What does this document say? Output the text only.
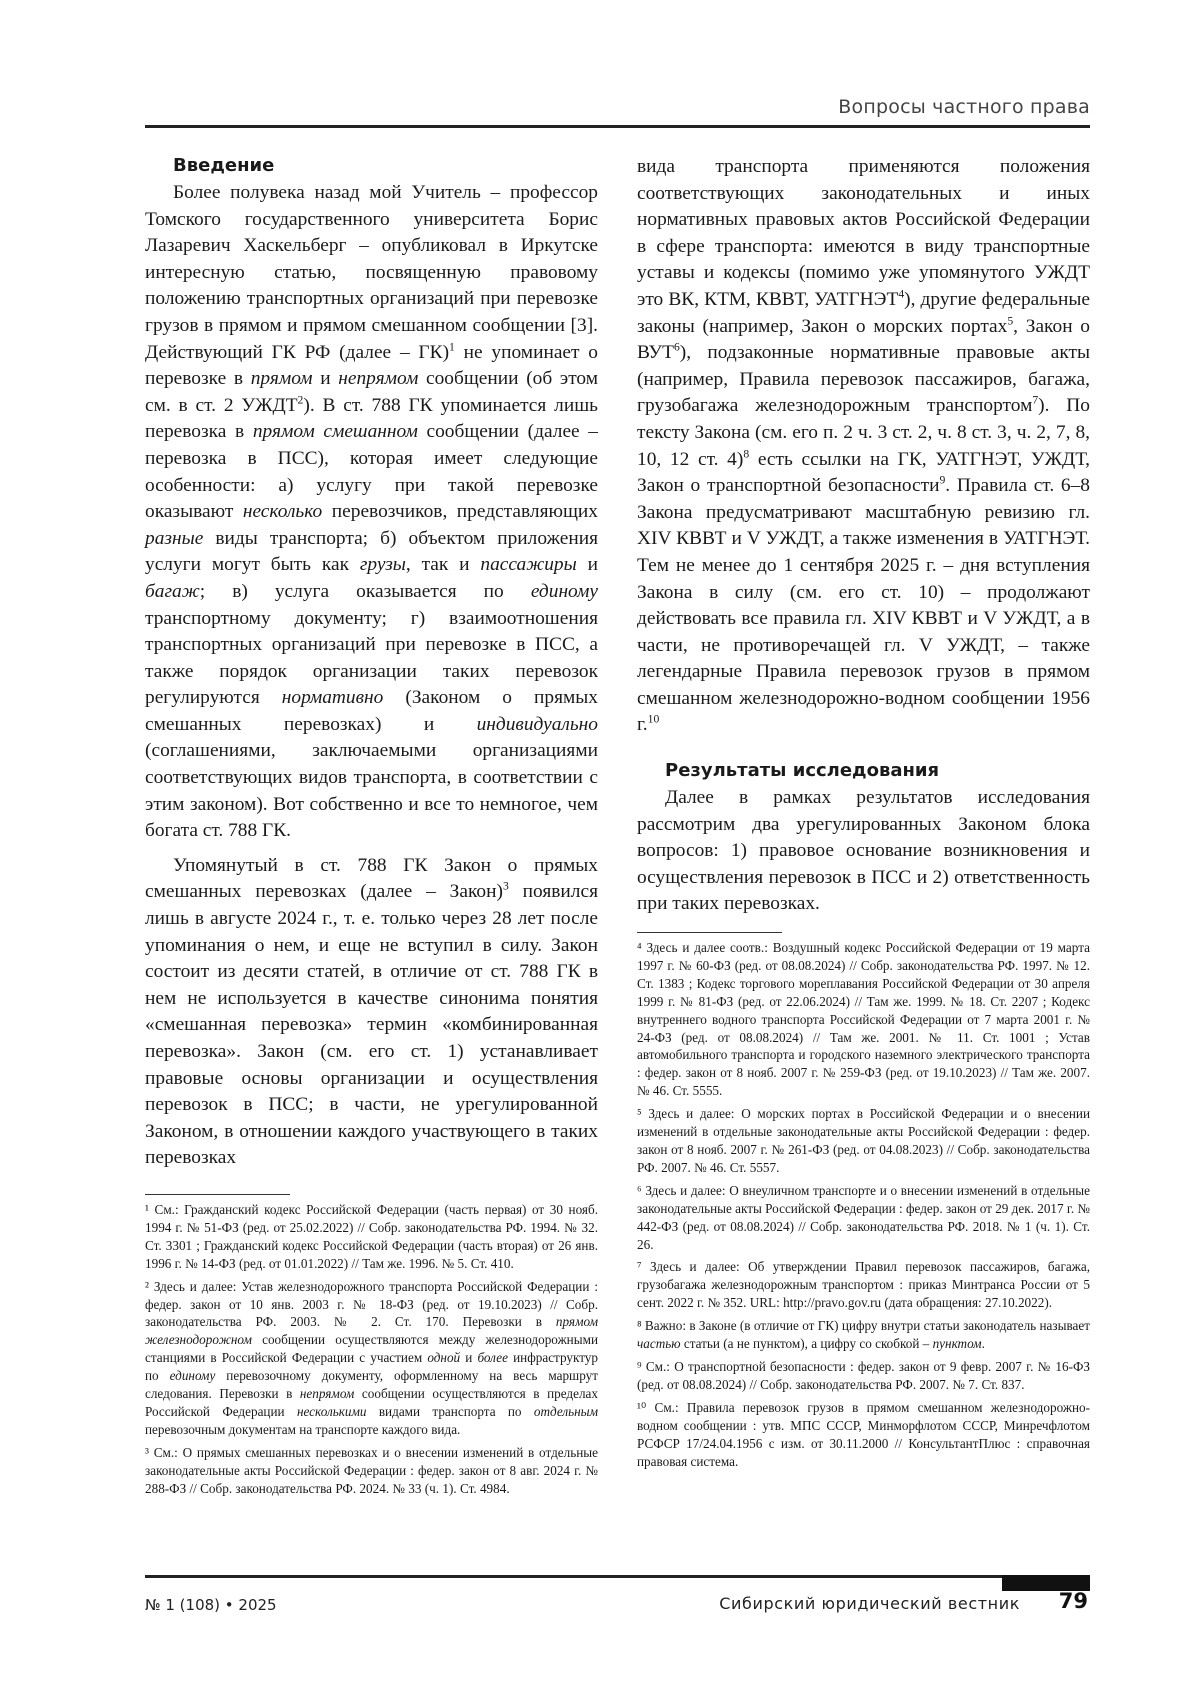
Вопросы частного права
Введение

Более полувека назад мой Учитель – профессор Томского государственного университета Борис Лазаревич Хаскельберг – опубликовал в Иркутске интересную статью, посвященную правовому положению транспортных организаций при перевозке грузов в прямом и прямом смешанном сообщении [3]. Действующий ГК РФ (далее – ГК)$^1$ не упоминает о перевозке в прямом и непрямом сообщении (об этом см. в ст. 2 УЖДТ$^2$). В ст. 788 ГК упоминается лишь перевозка в прямом смешанном сообщении (далее – перевозка в ПСС), которая имеет следующие особенности: а) услугу при такой перевозке оказывают несколько перевозчиков, представляющих разные виды транспорта; б) объектом приложения услуги могут быть как грузы, так и пассажиры и багаж; в) услуга оказывается по единому транспортному документу; г) взаимоотношения транспортных организаций при перевозке в ПСС, а также порядок организации таких перевозок регулируются нормативно (Законом о прямых смешанных перевозках) и индивидуально (соглашениями, заключаемыми организациями соответствующих видов транспорта, в соответствии с этим законом). Вот собственно и все то немногое, чем богата ст. 788 ГК.

Упомянутый в ст. 788 ГК Закон о прямых смешанных перевозках (далее – Закон)$^3$ появился лишь в августе 2024 г., т. е. только через 28 лет после упоминания о нем, и еще не вступил в силу. Закон состоит из десяти статей, в отличие от ст. 788 ГК в нем не используется в качестве синонима понятия «смешанная перевозка» термин «комбинированная перевозка». Закон (см. его ст. 1) устанавливает правовые основы организации и осуществления перевозок в ПСС; в части, не урегулированной Законом, в отношении каждого участвующего в таких перевозках

¹ См.: Гражданский кодекс Российской Федерации (часть первая) от 30 нояб. 1994 г. № 51-ФЗ (ред. от 25.02.2022) // Собр. законодательства РФ. 1994. № 32. Ст. 3301 ; Гражданский кодекс Российской Федерации (часть вторая) от 26 янв. 1996 г. № 14-ФЗ (ред. от 01.01.2022) // Там же. 1996. № 5. Ст. 410.

² Здесь и далее: Устав железнодорожного транспорта Российской Федерации : федер. закон от 10 янв. 2003 г. № 18-ФЗ (ред. от 19.10.2023) // Собр. законодательства РФ. 2003. № 2. Ст. 170. Перевозки в прямом железнодорожном сообщении осуществляются между железнодорожными станциями в Российской Федерации с участием одной и более инфраструктур по единому перевозочному документу, оформленному на весь маршрут следования. Перевозки в непрямом сообщении осуществляются в пределах Российской Федерации несколькими видами транспорта по отдельным перевозочным документам на транспорте каждого вида.

³ См.: О прямых смешанных перевозках и о внесении изменений в отдельные законодательные акты Российской Федерации : федер. закон от 8 авг. 2024 г. № 288-ФЗ // Собр. законодательства РФ. 2024. № 33 (ч. 1). Ст. 4984.

вида транспорта применяются положения соответствующих законодательных и иных нормативных правовых актов Российской Федерации в сфере транспорта: имеются в виду транспортные уставы и кодексы (помимо уже упомянутого УЖДТ это ВК, КТМ, КВВТ, УАТГНЭТ$^4$), другие федеральные законы (например, Закон о морских портах$^5$, Закон о ВУТ$^6$), подзаконные нормативные правовые акты (например, Правила перевозок пассажиров, багажа, грузобагажа железнодорожным транспортом$^7$). По тексту Закона (см. его п. 2 ч. 3 ст. 2, ч. 8 ст. 3, ч. 2, 7, 8, 10, 12 ст. 4)$^8$ есть ссылки на ГК, УАТГНЭТ, УЖДТ, Закон о транспортной безопасности$^9$. Правила ст. 6–8 Закона предусматривают масштабную ревизию гл. XIV КВВТ и V УЖДТ, а также изменения в УАТГНЭТ. Тем не менее до 1 сентября 2025 г. – дня вступления Закона в силу (см. его ст. 10) – продолжают действовать все правила гл. XIV КВВТ и V УЖДТ, а в части, не противоречащей гл. V УЖДТ, – также легендарные Правила перевозок грузов в прямом смешанном железнодорожно-водном сообщении 1956 г.$^{10}$

Результаты исследования

Далее в рамках результатов исследования рассмотрим два урегулированных Законом блока вопросов: 1) правовое основание возникновения и осуществления перевозок в ПСС и 2) ответственность при таких перевозках.

⁴ Здесь и далее соотв.: Воздушный кодекс Российской Федерации от 19 марта 1997 г. № 60-ФЗ (ред. от 08.08.2024) // Собр. законодательства РФ. 1997. № 12. Ст. 1383 ; Кодекс торгового мореплавания Российской Федерации от 30 апреля 1999 г. № 81-ФЗ (ред. от 22.06.2024) // Там же. 1999. № 18. Ст. 2207 ; Кодекс внутреннего водного транспорта Российской Федерации от 7 марта 2001 г. № 24-ФЗ (ред. от 08.08.2024) // Там же. 2001. № 11. Ст. 1001 ; Устав автомобильного транспорта и городского наземного электрического транспорта : федер. закон от 8 нояб. 2007 г. № 259-ФЗ (ред. от 19.10.2023) // Там же. 2007. № 46. Ст. 5555.

⁵ Здесь и далее: О морских портах в Российской Федерации и о внесении изменений в отдельные законодательные акты Российской Федерации : федер. закон от 8 нояб. 2007 г. № 261-ФЗ (ред. от 04.08.2023) // Собр. законодательства РФ. 2007. № 46. Ст. 5557.

⁶ Здесь и далее: О внеуличном транспорте и о внесении изменений в отдельные законодательные акты Российской Федерации : федер. закон от 29 дек. 2017 г. № 442-ФЗ (ред. от 08.08.2024) // Собр. законодательства РФ. 2018. № 1 (ч. 1). Ст. 26.

⁷ Здесь и далее: Об утверждении Правил перевозок пассажиров, багажа, грузобагажа железнодорожным транспортом : приказ Минтранса России от 5 сент. 2022 г. № 352. URL: http://pravo.gov.ru (дата обращения: 27.10.2022).

⁸ Важно: в Законе (в отличие от ГК) цифру внутри статьи законодатель называет частью статьи (а не пунктом), а цифру со скобкой – пунктом.

⁹ См.: О транспортной безопасности : федер. закон от 9 февр. 2007 г. № 16-ФЗ (ред. от 08.08.2024) // Собр. законодательства РФ. 2007. № 7. Ст. 837.

¹⁰ См.: Правила перевозок грузов в прямом смешанном железнодорожно-водном сообщении : утв. МПС СССР, Минморфлотом СССР, Минречфлотом РСФСР 17/24.04.1956 с изм. от 30.11.2000 // КонсультантПлюс : справочная правовая система.

№ 1 (108) • 2025	Сибирский юридический вестник 79
